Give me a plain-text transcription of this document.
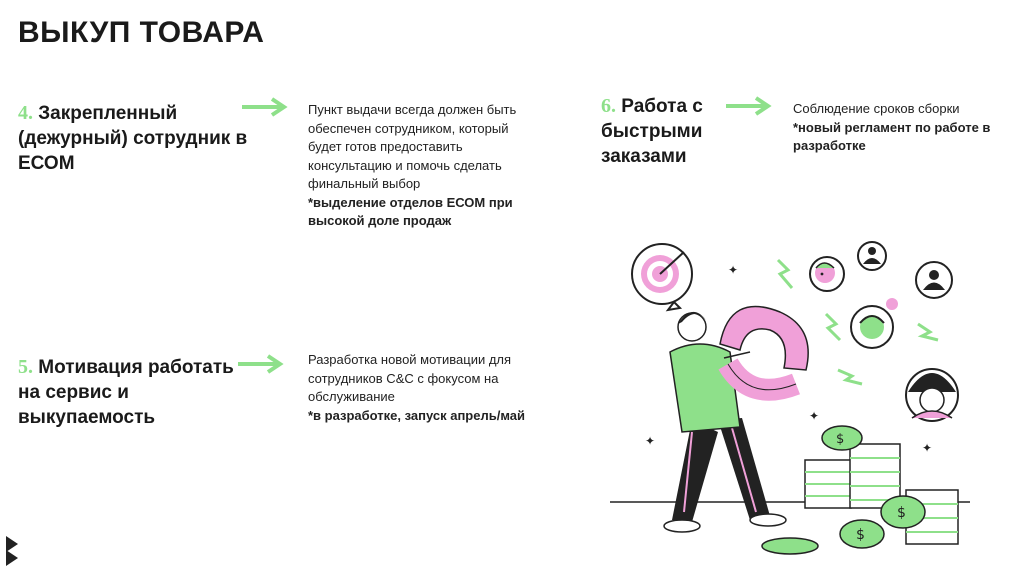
ВЫКУП ТОВАРА
4. Закрепленный (дежурный) сотрудник в ЕСОМ
Пункт выдачи всегда должен быть обеспечен сотрудником, который будет готов предоставить консультацию и помочь сделать финальный выбор
*выделение отделов ЕСОМ при высокой доле продаж
5. Мотивация работать на сервис и выкупаемость
Разработка новой мотивации для сотрудников С&С с фокусом на обслуживание
*в разработке, запуск апрель/май
6. Работа с быстрыми заказами
Соблюдение сроков сборки
*новый регламент по работе в разработке
✦
✦
✦
✦
$
$
$
